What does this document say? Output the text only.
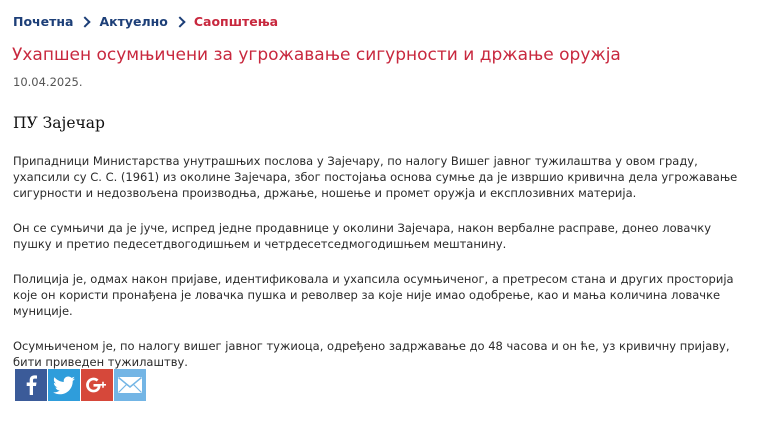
Почетна Актуелно Саопштења
Ухапшен осумњичени за угрожавање сигурности и држање оружја
10.04.2025.
ПУ Зајечар

Припадници Министарства унутрашњих послова у Зајечару, по налогу Вишег јавног тужилаштва у овом граду, ухапсили су С. С. (1961) из околине Зајечара, због постојања основа сумње да је извршио кривична дела угрожавање сигурности и недозвољена производња, држање, ношење и промет оружја и експлозивних материја.

Он се сумњичи да је јуче, испред једне продавнице у околини Зајечара, након вербалне расправе, донео ловачку пушку и претио педесетдвогодишњем и четрдесетседмогодишњем мештанину.

Полиција је, одмах након пријаве, идентификовала и ухапсила осумњиченог, а претресом стана и других просторија које он користи пронађена је ловачка пушка и револвер за које није имао одобрење, као и мања количина ловачке муниције.

Осумњиченом је, по налогу вишег јавног тужиоца, одређено задржавање до 48 часова и он ће, уз кривичну пријаву, бити приведен тужилаштву.
